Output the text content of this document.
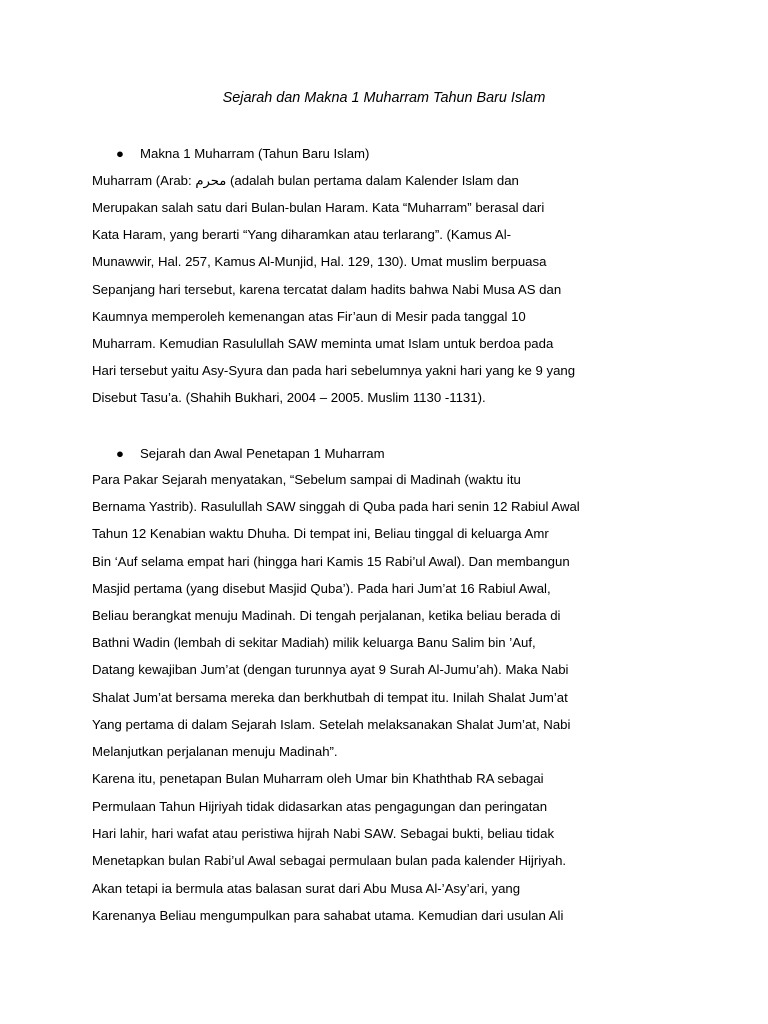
Sejarah dan Makna 1 Muharram Tahun Baru Islam
● Makna 1 Muharram (Tahun Baru Islam)
Muharram (Arab: محرم (adalah bulan pertama dalam Kalender Islam dan
Merupakan salah satu dari Bulan-bulan Haram. Kata “Muharram” berasal dari
Kata Haram, yang berarti “Yang diharamkan atau terlarang”. (Kamus Al-
Munawwir, Hal. 257, Kamus Al-Munjid, Hal. 129, 130). Umat muslim berpuasa
Sepanjang hari tersebut, karena tercatat dalam hadits bahwa Nabi Musa AS dan
Kaumnya memperoleh kemenangan atas Fir’aun di Mesir pada tanggal 10
Muharram. Kemudian Rasulullah SAW meminta umat Islam untuk berdoa pada
Hari tersebut yaitu Asy-Syura dan pada hari sebelumnya yakni hari yang ke 9 yang
Disebut Tasu’a. (Shahih Bukhari, 2004 – 2005. Muslim 1130 -1131).
● Sejarah dan Awal Penetapan 1 Muharram
Para Pakar Sejarah menyatakan, “Sebelum sampai di Madinah (waktu itu
Bernama Yastrib). Rasulullah SAW singgah di Quba pada hari senin 12 Rabiul Awal
Tahun 12 Kenabian waktu Dhuha. Di tempat ini, Beliau tinggal di keluarga Amr
Bin ‘Auf selama empat hari (hingga hari Kamis 15 Rabi’ul Awal). Dan membangun
Masjid pertama (yang disebut Masjid Quba’). Pada hari Jum’at 16 Rabiul Awal,
Beliau berangkat menuju Madinah. Di tengah perjalanan, ketika beliau berada di
Bathni Wadin (lembah di sekitar Madiah) milik keluarga Banu Salim bin ’Auf,
Datang kewajiban Jum’at (dengan turunnya ayat 9 Surah Al-Jumu’ah). Maka Nabi
Shalat Jum’at bersama mereka dan berkhutbah di tempat itu. Inilah Shalat Jum’at
Yang pertama di dalam Sejarah Islam. Setelah melaksanakan Shalat Jum’at, Nabi
Melanjutkan perjalanan menuju Madinah”.
Karena itu, penetapan Bulan Muharram oleh Umar bin Khaththab RA sebagai
Permulaan Tahun Hijriyah tidak didasarkan atas pengagungan dan peringatan
Hari lahir, hari wafat atau peristiwa hijrah Nabi SAW. Sebagai bukti, beliau tidak
Menetapkan bulan Rabi’ul Awal sebagai permulaan bulan pada kalender Hijriyah.
Akan tetapi ia bermula atas balasan surat dari Abu Musa Al-’Asy’ari, yang
Karenanya Beliau mengumpulkan para sahabat utama. Kemudian dari usulan Ali
